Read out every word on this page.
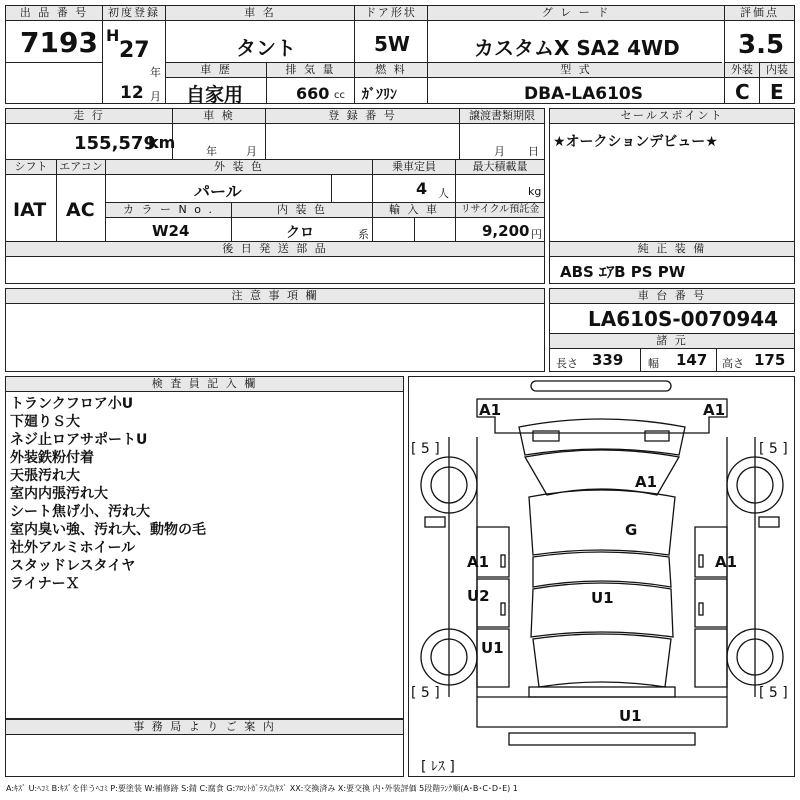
出 品 番 号
7193
初度登録
H
27
年
12 月
車 名
タント
ドア形状
5W
グ レ ー ド
カスタムX SA2 4WD
評価点
3.5
車 歴
自家用
排 気 量
660 cc
燃 料
ｶﾞｿﾘﾝ
型 式
DBA-LA610S
外装	内装
C E
走 行
155,579
km
車 検
年	月
登 録 番 号	譲渡書類期限
月 日
シフト
IAT
エアコン
AC
外 装 色
パール
乗車定員
4 人
最大積載量
kg
カ ラ ー N o .
W24
内 装 色
クロ	系
輸 入 車	リサイクル預託金
9,200 円
後 日 発 送 部 品
セールスポイント
★オークションデビュー★
純 正 装 備
ABS ｴｱB PS PW
注 意 事 項 欄	車 台 番 号
LA610S-0070944
諸 元
長さ 339 幅 147 高さ 175
検 査 員 記 入 欄
トランクフロア小U
下廻りＳ大
ネジ止ロアサポートU
外装鉄粉付着
天張汚れ大
室内内張汚れ大
シート焦げ小、汚れ大
室内臭い強、汚れ大、動物の毛
社外アルミホイール
スタッドレスタイヤ
ライナーＸ
事 務 局 よ り ご 案 内
A1	A1
A1
G
A1	A1
U2	U1
U1
U1
[ 5 ]	[ 5 ]
[ 5 ]	[ 5 ]
[ ﾚｽ ]
A:ｷｽﾞ U:ﾍｺﾐ B:ｷｽﾞを伴うﾍｺﾐ P:要塗装 W:補修跡 S:錆 C:腐食 G:ﾌﾛﾝﾄｶﾞﾗｽ点ｷｽﾞ XX:交換済み X:要交換 内･外装評価 5段階ﾗﾝｸ順(A･B･C･D･E) 1
